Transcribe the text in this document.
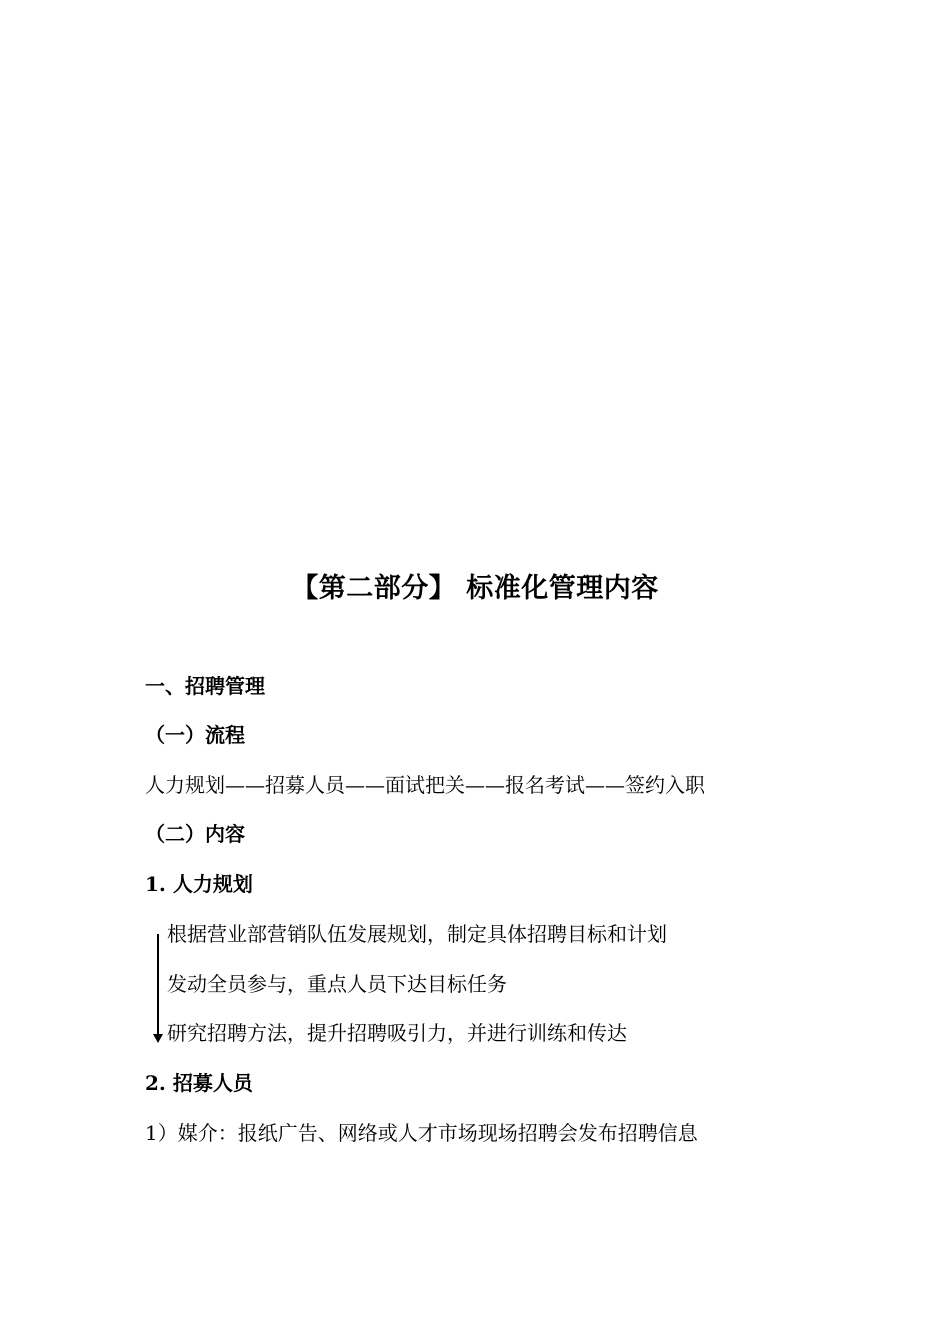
【第二部分】 标准化管理内容
一、招聘管理
（一）流程
人力规划——招募人员——面试把关——报名考试——签约入职
（二）内容
1. 人力规划
根据营业部营销队伍发展规划，制定具体招聘目标和计划
发动全员参与，重点人员下达目标任务
研究招聘方法，提升招聘吸引力，并进行训练和传达
2. 招募人员
1）媒介：报纸广告、网络或人才市场现场招聘会发布招聘信息
